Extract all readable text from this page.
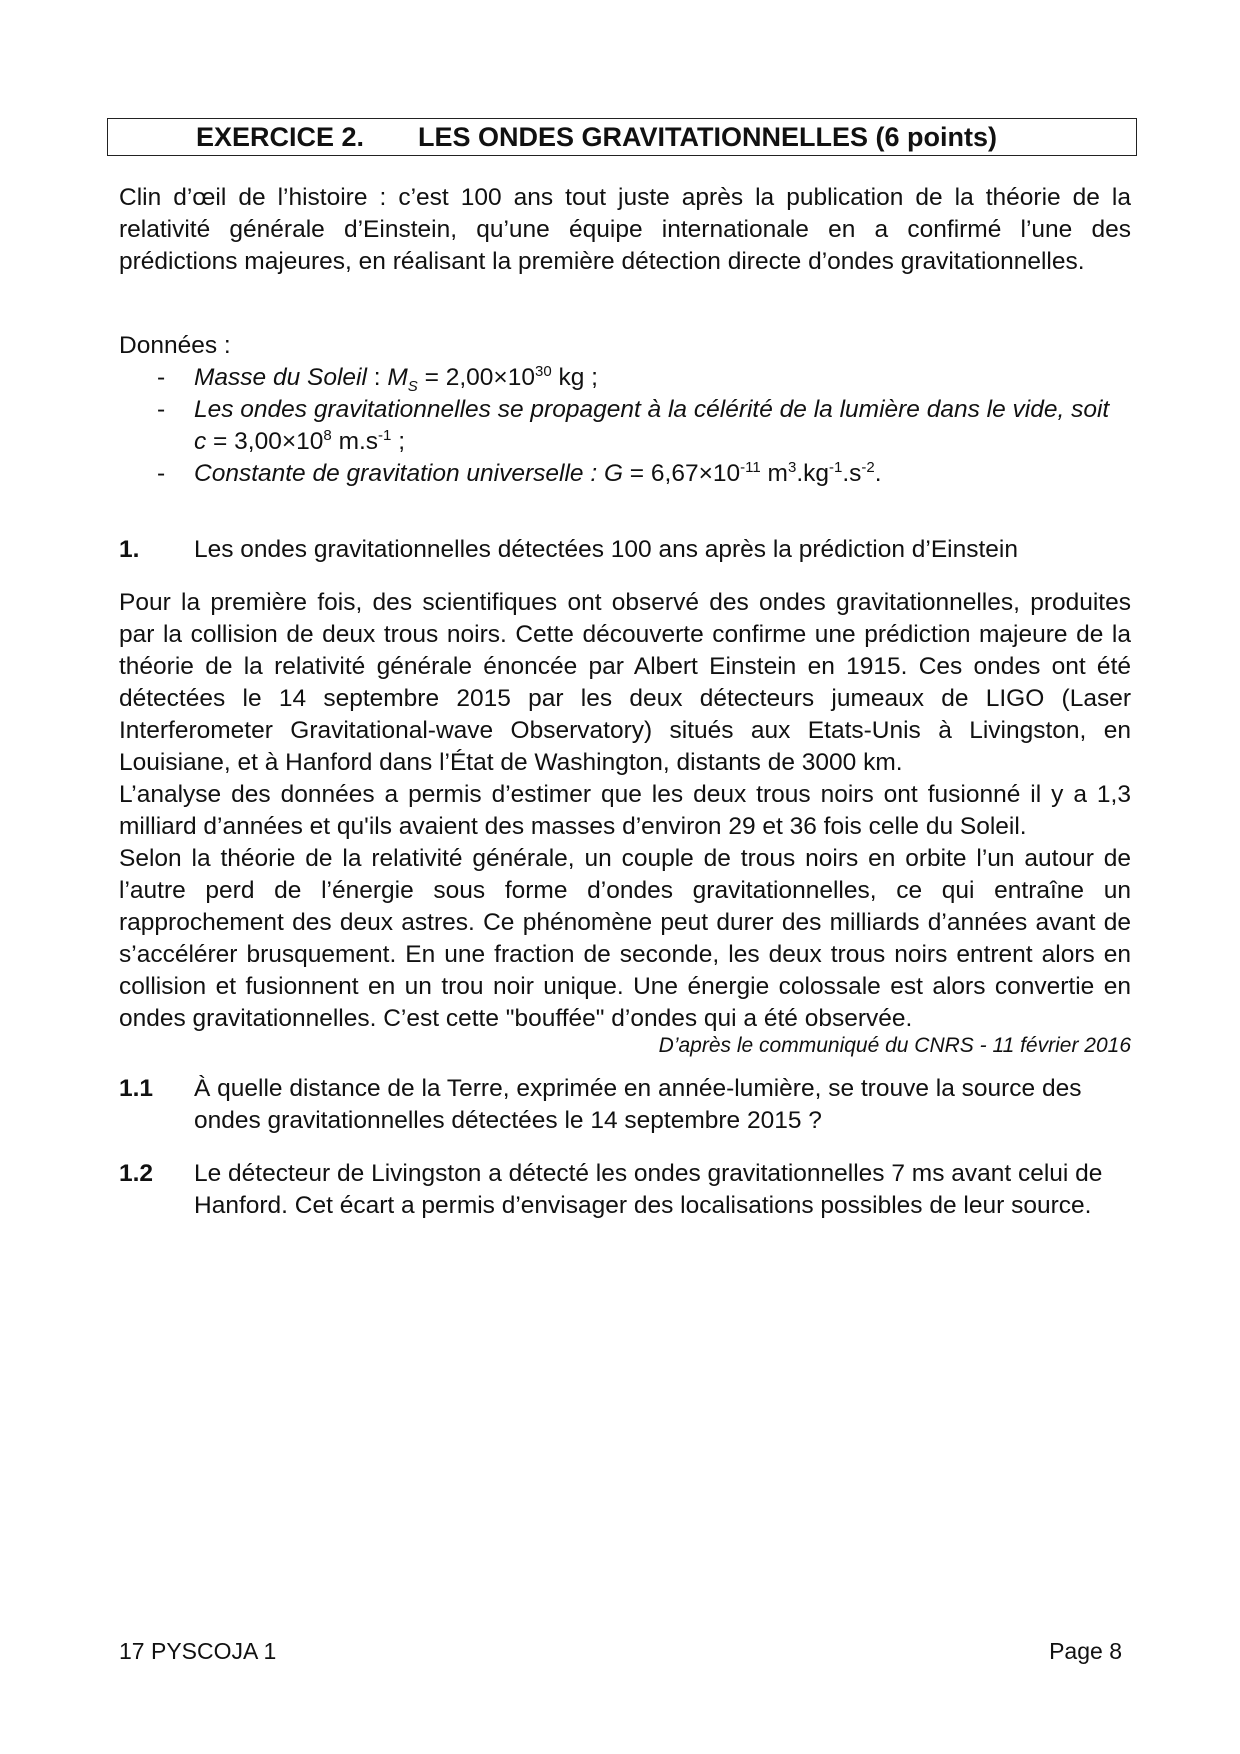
EXERCICE 2. LES ONDES GRAVITATIONNELLES (6 points)
Clin d’œil de l’histoire : c’est 100 ans tout juste après la publication de la théorie de la relativité générale d’Einstein, qu’une équipe internationale en a confirmé l’une des prédictions majeures, en réalisant la première détection directe d’ondes gravitationnelles.
Données :
- Masse du Soleil : $M_S = 2,00\times 10^{30}$ kg ;
- Les ondes gravitationnelles se propagent à la célérité de la lumière dans le vide, soit
$c = 3,00\times 10^8$ $m.s^{-1}$ ;
- Constante de gravitation universelle : $G = 6,67\times 10^{-11}$ $m^3.kg^{-1}.s^{-2}$.
1. Les ondes gravitationnelles détectées 100 ans après la prédiction d’Einstein
Pour la première fois, des scientifiques ont observé des ondes gravitationnelles, produites par la collision de deux trous noirs. Cette découverte confirme une prédiction majeure de la théorie de la relativité générale énoncée par Albert Einstein en 1915. Ces ondes ont été détectées le 14 septembre 2015 par les deux détecteurs jumeaux de LIGO (Laser Interferometer Gravitational-wave Observatory) situés aux Etats-Unis à Livingston, en Louisiane, et à Hanford dans l’État de Washington, distants de 3000 km.
L’analyse des données a permis d’estimer que les deux trous noirs ont fusionné il y a 1,3 milliard d’années et qu'ils avaient des masses d’environ 29 et 36 fois celle du Soleil.
Selon la théorie de la relativité générale, un couple de trous noirs en orbite l’un autour de l’autre perd de l’énergie sous forme d’ondes gravitationnelles, ce qui entraîne un rapprochement des deux astres. Ce phénomène peut durer des milliards d’années avant de s’accélérer brusquement. En une fraction de seconde, les deux trous noirs entrent alors en collision et fusionnent en un trou noir unique. Une énergie colossale est alors convertie en ondes gravitationnelles. C’est cette "bouffée" d’ondes qui a été observée.
D’après le communiqué du CNRS - 11 février 2016
1.1 À quelle distance de la Terre, exprimée en année-lumière, se trouve la source des ondes gravitationnelles détectées le 14 septembre 2015 ?
1.2 Le détecteur de Livingston a détecté les ondes gravitationnelles 7 ms avant celui de Hanford. Cet écart a permis d’envisager des localisations possibles de leur source.
17 PYSCOJA 1	Page 8
